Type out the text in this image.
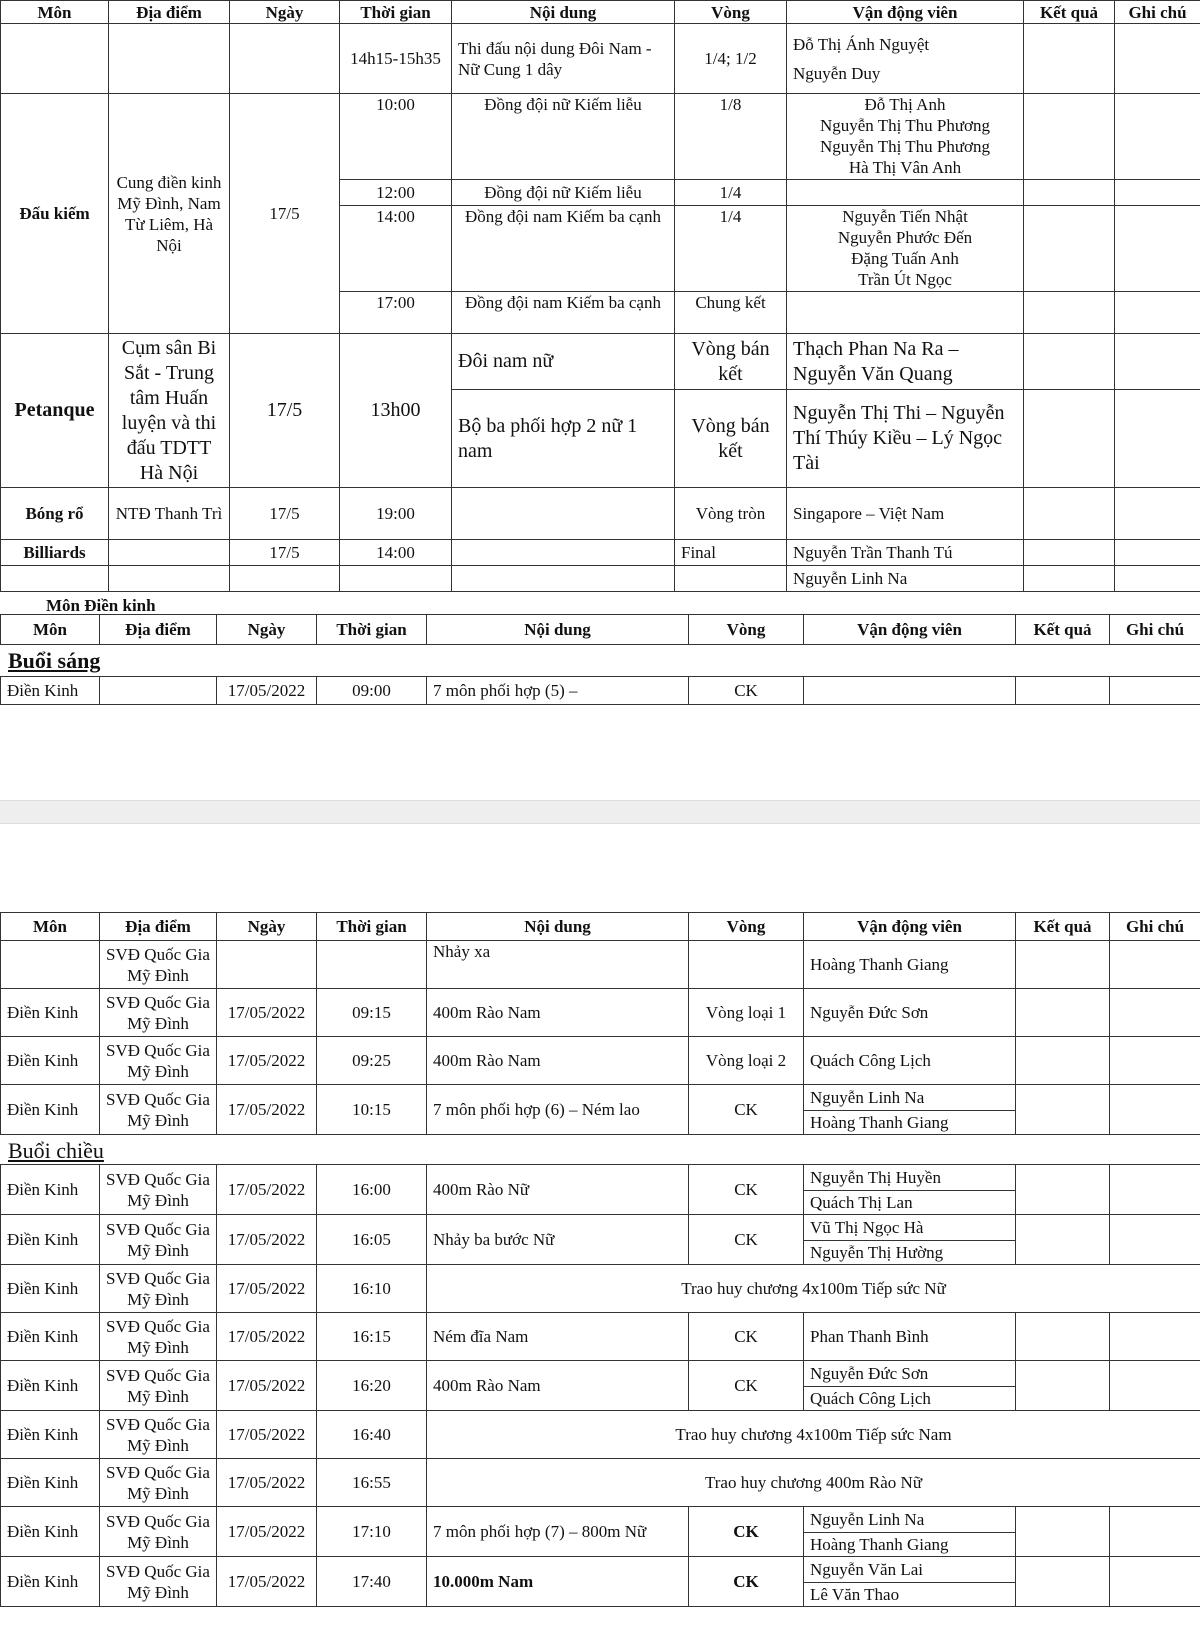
Môn	Địa điểm	Ngày	Thời gian	Nội dung	Vòng	Vận động viên	Kết quả	Ghi chú
			14h15-15h35	Thi đấu nội dung Đôi Nam - Nữ Cung 1 dây	1/4; 1/2	Đỗ Thị Ánh Nguyệt
Nguyễn Duy		

Đấu kiếm	Cung điền kinh Mỹ Đình, Nam Từ Liêm, Hà Nội	17/5	10:00	Đồng đội nữ Kiếm liễu	1/8	Đỗ Thị Anh
Nguyễn Thị Thu Phương
Nguyễn Thị Thu Phương
Hà Thị Vân Anh		

			12:00	Đồng đội nữ Kiếm liễu	1/4			
			14:00	Đồng đội nam Kiếm ba cạnh	1/4	Nguyễn Tiến Nhật
Nguyễn Phước Đến
Đặng Tuấn Anh
Trần Út Ngọc		

			17:00	Đồng đội nam Kiếm ba cạnh	Chung kết			
Petanque	Cụm sân Bi Sắt - Trung tâm Huấn luyện và thi đấu TDTT Hà Nội	17/5	13h00	Đôi nam nữ	Vòng bán kết	Thạch Phan Na Ra – Nguyễn Văn Quang		
				Bộ ba phối hợp 2 nữ 1 nam	Vòng bán kết	Nguyễn Thị Thi – Nguyễn Thí Thúy Kiều – Lý Ngọc Tài		
Bóng rổ	NTĐ Thanh Trì	17/5	19:00		Vòng tròn	Singapore – Việt Nam		
Billiards		17/5	14:00		Final	Nguyễn Trần Thanh Tú		
						Nguyễn Linh Na		
Môn Điền kinh
Môn	Địa điểm	Ngày	Thời gian	Nội dung	Vòng	Vận động viên	Kết quả	Ghi chú

Điền Kinh		17/05/2022	09:00	7 môn phối hợp (5) –	CK			
Buổi sáng
Môn	Địa điểm	Ngày	Thời gian	Nội dung	Vòng	Vận động viên	Kết quả	Ghi chú
	SVĐ Quốc Gia Mỹ Đình			Nhảy xa		Hoàng Thanh Giang		
Điền Kinh	SVĐ Quốc Gia Mỹ Đình	17/05/2022	09:15	400m Rào Nam	Vòng loại 1	Nguyễn Đức Sơn		
Điền Kinh	SVĐ Quốc Gia Mỹ Đình	17/05/2022	09:25	400m Rào Nam	Vòng loại 2	Quách Công Lịch		
Điền Kinh	SVĐ Quốc Gia Mỹ Đình	17/05/2022	10:15	7 môn phối hợp (6) – Ném lao	CK	Nguyễn Linh Na		
						Hoàng Thanh Giang		

Điền Kinh	SVĐ Quốc Gia Mỹ Đình	17/05/2022	16:00	400m Rào Nữ	CK	Nguyễn Thị Huyền		
						Quách Thị Lan		
Điền Kinh	SVĐ Quốc Gia Mỹ Đình	17/05/2022	16:05	Nhảy ba bước Nữ	CK	Vũ Thị Ngọc Hà		
						Nguyễn Thị Hường		
Điền Kinh	SVĐ Quốc Gia Mỹ Đình	17/05/2022	16:10	Trao huy chương 4x100m Tiếp sức Nữ				
Điền Kinh	SVĐ Quốc Gia Mỹ Đình	17/05/2022	16:15	Ném đĩa Nam	CK	Phan Thanh Bình		
Điền Kinh	SVĐ Quốc Gia Mỹ Đình	17/05/2022	16:20	400m Rào Nam	CK	Nguyễn Đức Sơn		
						Quách Công Lịch		
Điền Kinh	SVĐ Quốc Gia Mỹ Đình	17/05/2022	16:40	Trao huy chương 4x100m Tiếp sức Nam				
Điền Kinh	SVĐ Quốc Gia Mỹ Đình	17/05/2022	16:55	Trao huy chương 400m Rào Nữ				
Điền Kinh	SVĐ Quốc Gia Mỹ Đình	17/05/2022	17:10	7 môn phối hợp (7) – 800m Nữ	CK	Nguyễn Linh Na		
						Hoàng Thanh Giang		
Điền Kinh	SVĐ Quốc Gia Mỹ Đình	17/05/2022	17:40	10.000m Nam	CK	Nguyễn Văn Lai		
						Lê Văn Thao		
Buổi chiều
